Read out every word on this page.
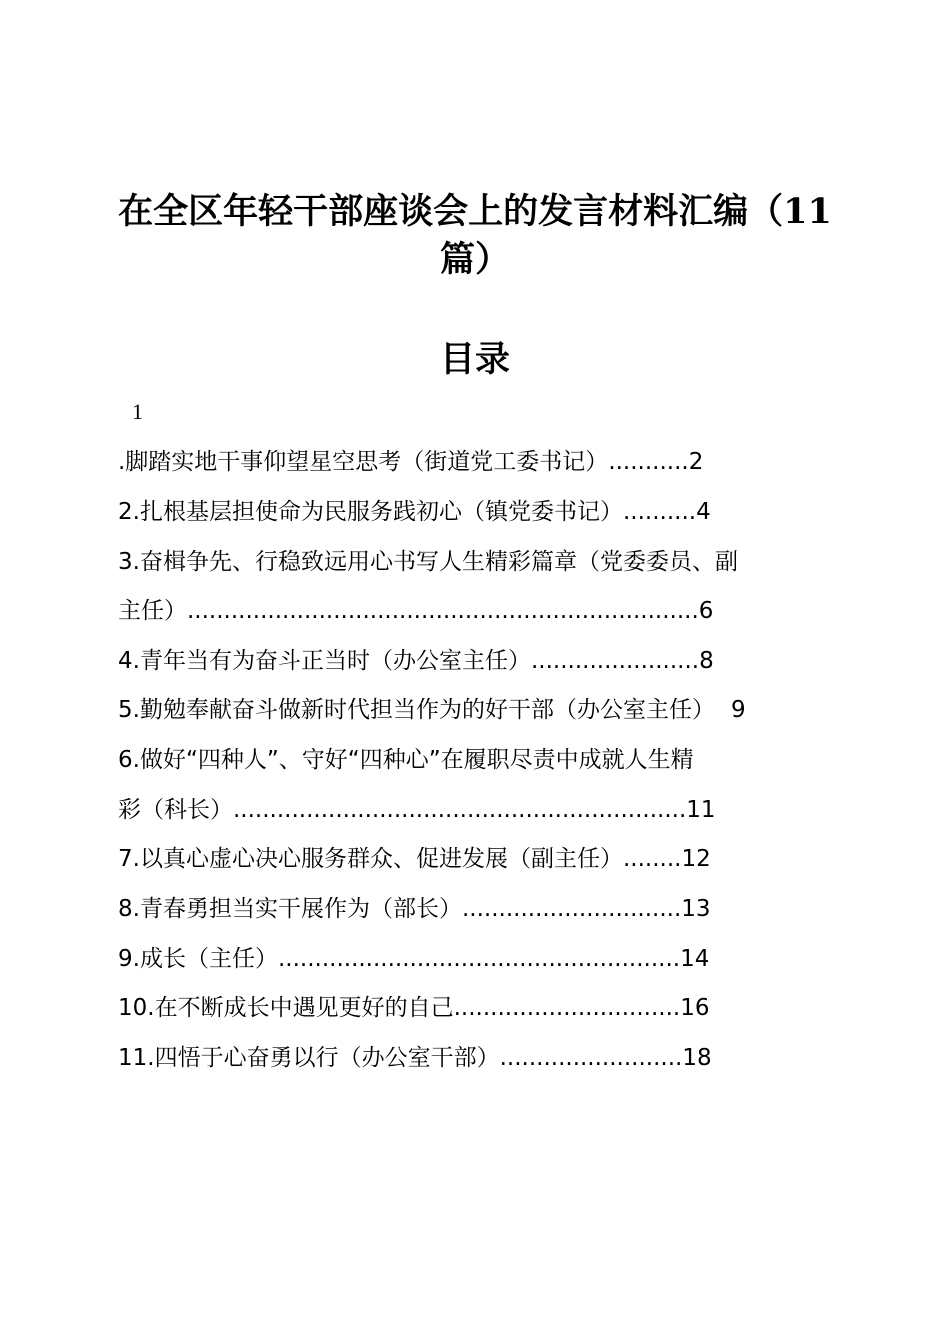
在全区年轻干部座谈会上的发言材料汇编（11
篇）
目录
1
.脚踏实地干事仰望星空思考（街道党工委书记）...........2
2.扎根基层担使命为民服务践初心（镇党委书记）..........4
3.奋楫争先、行稳致远用心书写人生精彩篇章（党委委员、副
主任）......................................................................6
4.青年当有为奋斗正当时（办公室主任）.......................8
5.勤勉奉献奋斗做新时代担当作为的好干部（办公室主任） 9
6.做好“四种人”、守好“四种心”在履职尽责中成就人生精
彩（科长）..............................................................11
7.以真心虚心决心服务群众、促进发展（副主任）........12
8.青春勇担当实干展作为（部长）..............................13
9.成长（主任）.......................................................14
10.在不断成长中遇见更好的自己...............................16
11.四悟于心奋勇以行（办公室干部）.........................18
